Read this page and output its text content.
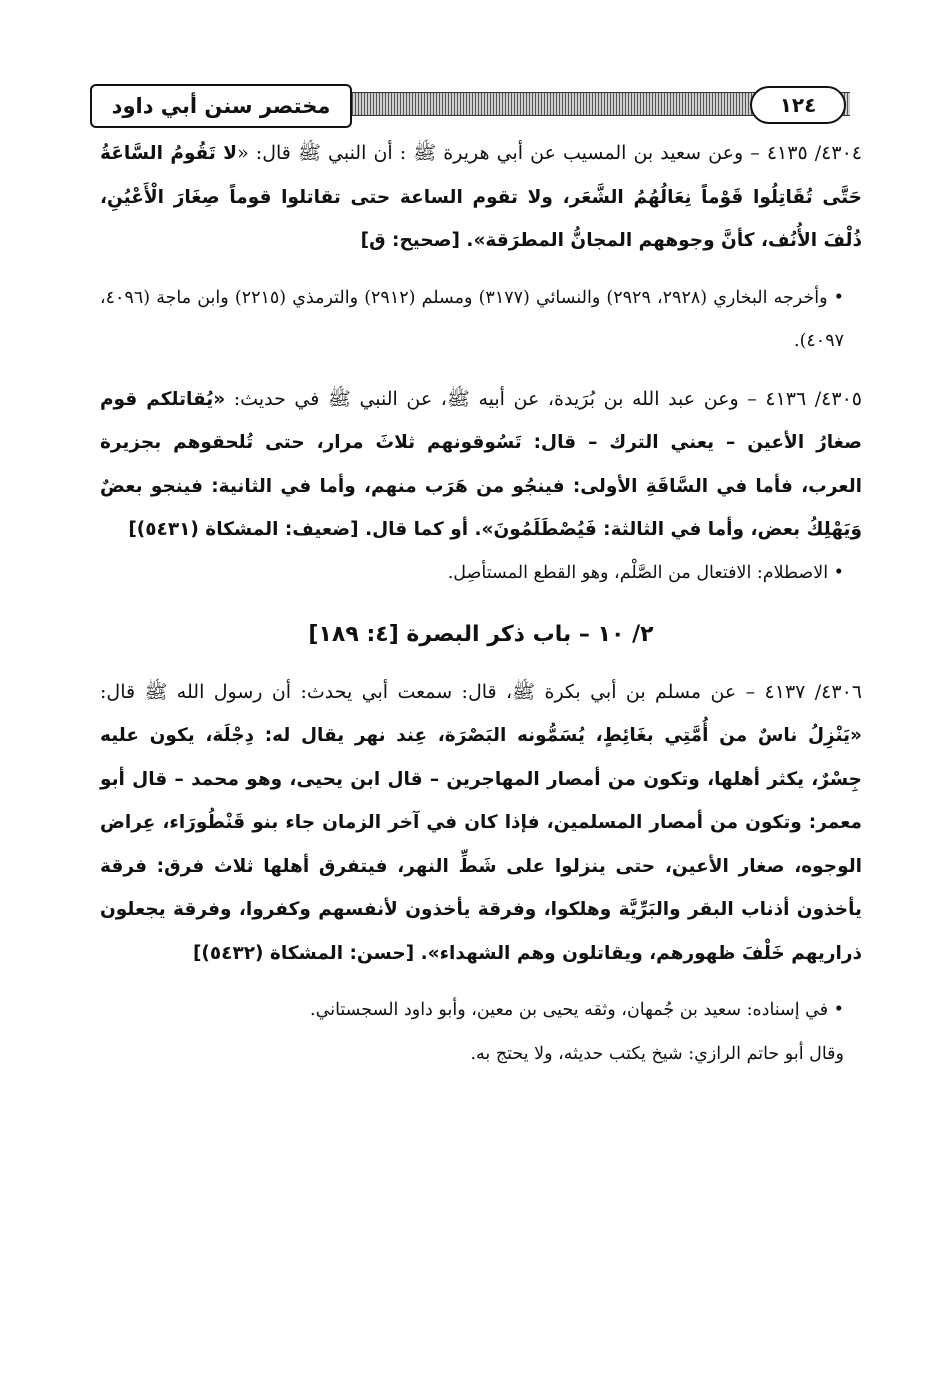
مختصر سنن أبي داود	١٢٤

٤٣٠٤/ ٤١٣٥ – وعن سعيد بن المسيب عن أبي هريرة ﷺ : أن النبي ﷺ قال: «لا تَقُومُ السَّاعَةُ حَتَّى تُقَاتِلُوا قَوْماً نِعَالُهُمُ الشَّعَر، ولا تقوم الساعة حتى تقاتلوا قوماً صِغَارَ الْأَعْيُنِ، ذُلْفَ الأُنُف، كأنَّ وجوههم المجانُّ المطرَقة». [صحيح: ق]

• وأخرجه البخاري (٢٩٢٨، ٢٩٢٩) والنسائي (٣١٧٧) ومسلم (٢٩١٢) والترمذي (٢٢١٥) وابن ماجة (٤٠٩٦، ٤٠٩٧).

٤٣٠٥/ ٤١٣٦ – وعن عبد الله بن بُرَيدة، عن أبيه ﷺ، عن النبي ﷺ في حديث: «يُقاتلكم قوم صغارُ الأعين – يعني الترك – قال: تَسُوقونهم ثلاثَ مرار، حتى تُلحقوهم بجزيرة العرب، فأما في السَّاقَةِ الأولى: فينجُو من هَرَب منهم، وأما في الثانية: فينجو بعضٌ وَيَهْلِكُ بعض، وأما في الثالثة: فَيُصْطَلَمُونَ». أو كما قال. [ضعيف: المشكاة (٥٤٣١)]

• الاصطلام: الافتعال من الصَّلْم، وهو القطع المستأصِل.

٢/ ١٠ – باب ذكر البصرة [٤: ١٨٩]

٤٣٠٦/ ٤١٣٧ – عن مسلم بن أبي بكرة ﷺ، قال: سمعت أبي يحدث: أن رسول الله ﷺ قال: «يَنْزِلُ ناسٌ من أُمَّتِي بغَائِطٍ، يُسَمُّونه البَصْرَة، عِند نهر يقال له: دِجْلَة، يكون عليه جِسْرٌ، يكثر أهلها، وتكون من أمصار المهاجرين – قال ابن يحيى، وهو محمد – قال أبو معمر: وتكون من أمصار المسلمين، فإذا كان في آخر الزمان جاء بنو قَنْطُورَاء، عِراض الوجوه، صغار الأعين، حتى ينزلوا على شَطِّ النهر، فيتفرق أهلها ثلاث فرق: فرقة يأخذون أذناب البقر والبَرِّيَّة وهلكوا، وفرقة يأخذون لأنفسهم وكفروا، وفرقة يجعلون ذراريهم خَلْفَ ظهورهم، ويقاتلون وهم الشهداء». [حسن: المشكاة (٥٤٣٢)]

• في إسناده: سعيد بن جُمهان، وثقه يحيى بن معين، وأبو داود السجستاني.

وقال أبو حاتم الرازي: شيخ يكتب حديثه، ولا يحتج به.
